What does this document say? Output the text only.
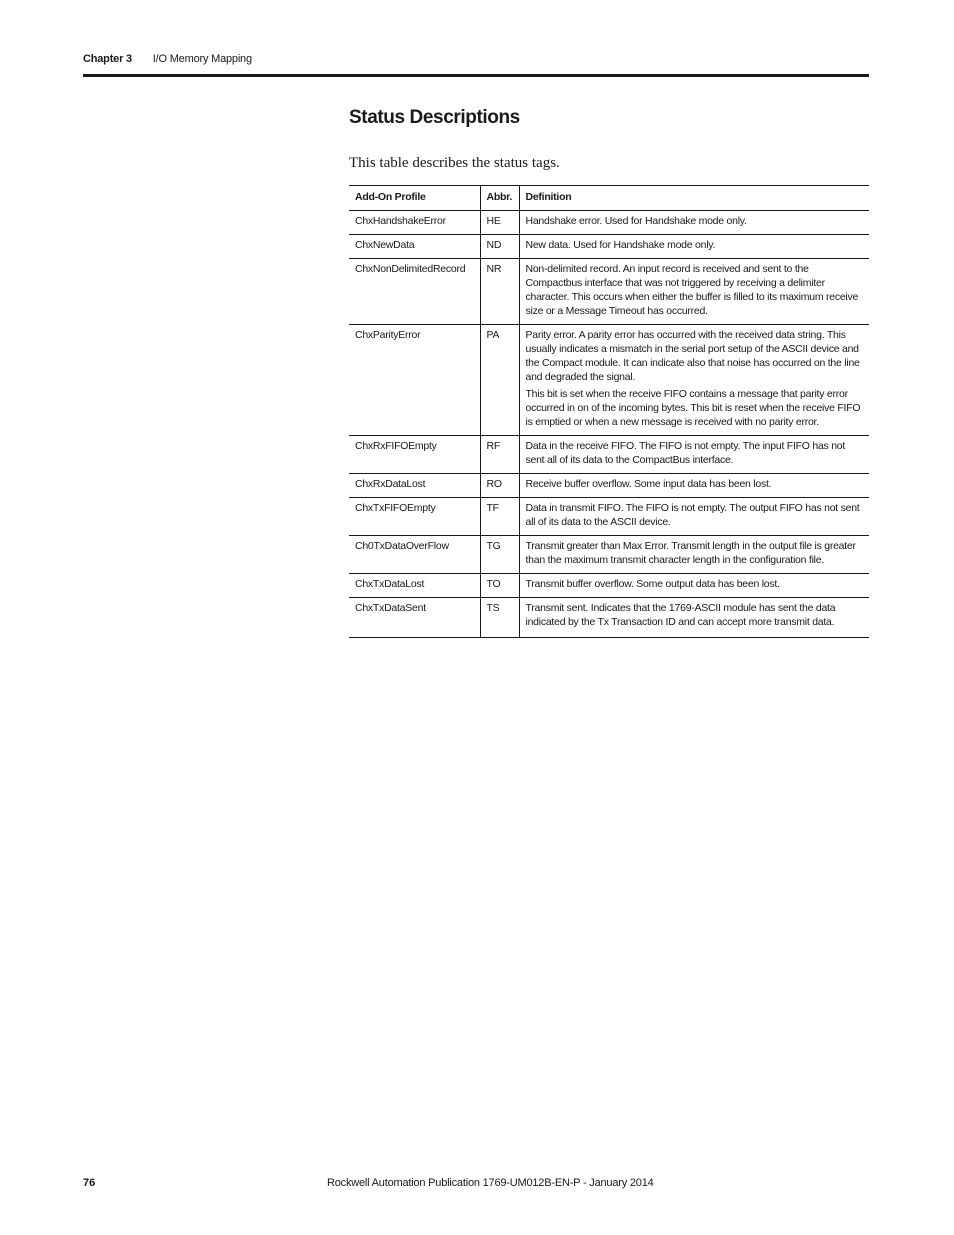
Chapter 3 I/O Memory Mapping
Status Descriptions

This table describes the status tags.

Add-On Profile	Abbr.	Definition
ChxHandshakeError	HE	Handshake error. Used for Handshake mode only.

ChxNewData	ND	New data. Used for Handshake mode only.

ChxNonDelimitedRecord	NR	Non-delimited record. An input record is received and sent to the Compactbus interface that was not triggered by receiving a delimiter character. This occurs when either the buffer is filled to its maximum receive size or a Message Timeout has occurred.

ChxParityError	PA	Parity error. A parity error has occurred with the received data string. This usually indicates a mismatch in the serial port setup of the ASCII device and the Compact module. It can indicate also that noise has occurred on the line and degraded the signal.
This bit is set when the receive FIFO contains a message that parity error occurred in on of the incoming bytes. This bit is reset when the receive FIFO is emptied or when a new message is received with no parity error.

ChxRxFIFOEmpty	RF	Data in the receive FIFO. The FIFO is not empty. The input FIFO has not sent all of its data to the CompactBus interface.

ChxRxDataLost	RO	Receive buffer overflow. Some input data has been lost.

ChxTxFIFOEmpty	TF	Data in transmit FIFO. The FIFO is not empty. The output FIFO has not sent all of its data to the ASCII device.

Ch0TxDataOverFlow	TG	Transmit greater than Max Error. Transmit length in the output file is greater than the maximum transmit character length in the configuration file.

ChxTxDataLost	TO	Transmit buffer overflow. Some output data has been lost.

ChxTxDataSent	TS	Transmit sent. Indicates that the 1769-ASCII module has sent the data indicated by the Tx Transaction ID and can accept more transmit data.
76	Rockwell Automation Publication 1769-UM012B-EN-P - January 2014
